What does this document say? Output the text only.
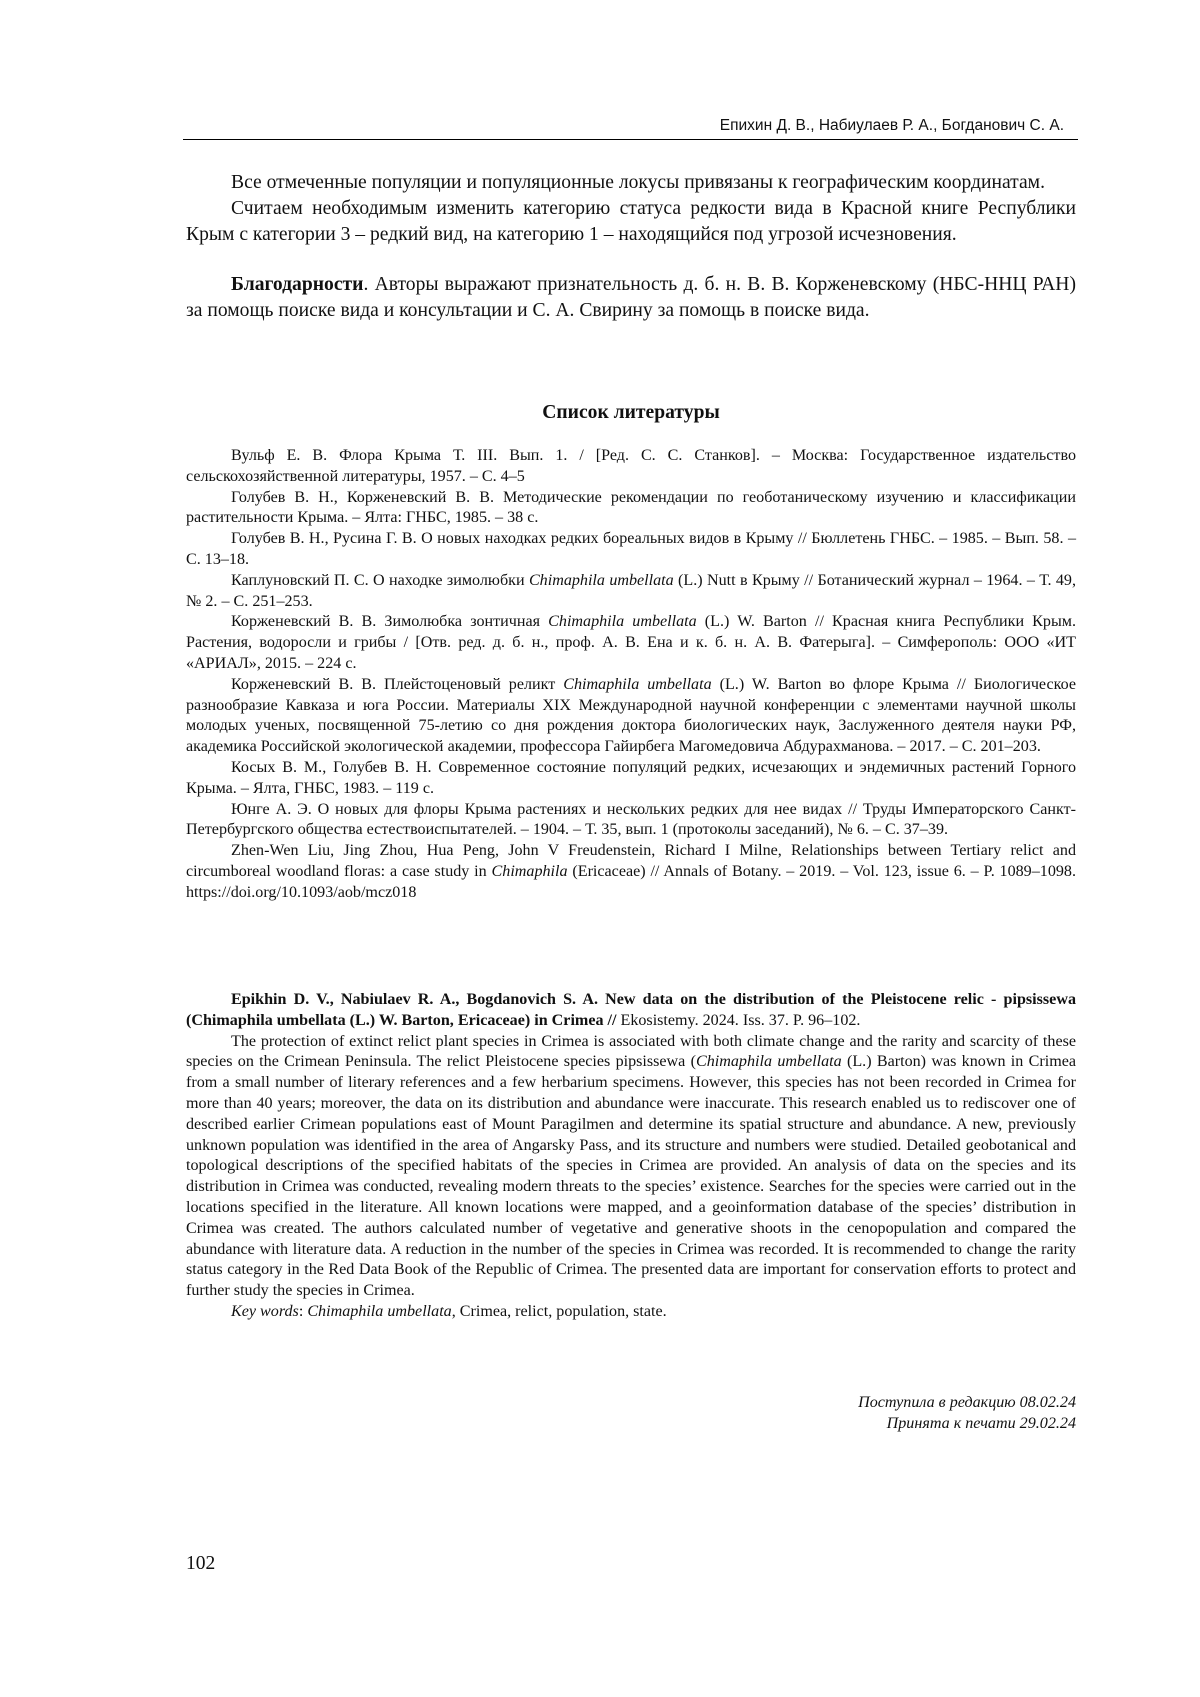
Епихин Д. В., Набиулаев Р. А., Богданович С. А.

Все отмеченные популяции и популяционные локусы привязаны к географическим координатам.

Считаем необходимым изменить категорию статуса редкости вида в Красной книге Республики Крым с категории 3 – редкий вид, на категорию 1 – находящийся под угрозой исчезновения.

Благодарности. Авторы выражают признательность д. б. н. В. В. Корженевскому (НБС-ННЦ РАН) за помощь поиске вида и консультации и С. А. Свирину за помощь в поиске вида.

Список литературы

Вульф Е. В. Флора Крыма Т. III. Вып. 1. / [Ред. С. С. Станков]. – Москва: Государственное издательство сельскохозяйственной литературы, 1957. – С. 4–5

Голубев В. Н., Корженевский В. В. Методические рекомендации по геоботаническому изучению и классификации растительности Крыма. – Ялта: ГНБС, 1985. – 38 с.

Голубев В. Н., Русина Г. В. О новых находках редких бореальных видов в Крыму // Бюллетень ГНБС. – 1985. – Вып. 58. – С. 13–18.

Каплуновский П. С. О находке зимолюбки Chimaphila umbellata (L.) Nutt в Крыму // Ботанический журнал – 1964. – Т. 49, № 2. – С. 251–253.

Корженевский В. В. Зимолюбка зонтичная Chimaphila umbellata (L.) W. Barton // Красная книга Республики Крым. Растения, водоросли и грибы / [Отв. ред. д. б. н., проф. А. В. Ена и к. б. н. А. В. Фатерыга]. – Симферополь: ООО «ИТ «АРИАЛ», 2015. – 224 с.

Корженевский В. В. Плейстоценовый реликт Chimaphila umbellata (L.) W. Barton во флоре Крыма // Биологическое разнообразие Кавказа и юга России. Материалы XIX Международной научной конференции с элементами научной школы молодых ученых, посвященной 75-летию со дня рождения доктора биологических наук, Заслуженного деятеля науки РФ, академика Российской экологической академии, профессора Гайирбега Магомедовича Абдурахманова. – 2017. – С. 201–203.

Косых В. М., Голубев В. Н. Современное состояние популяций редких, исчезающих и эндемичных растений Горного Крыма. – Ялта, ГНБС, 1983. – 119 с.

Юнге А. Э. О новых для флоры Крыма растениях и нескольких редких для нее видах // Труды Императорского Санкт-Петербургского общества естествоиспытателей. – 1904. – Т. 35, вып. 1 (протоколы заседаний), № 6. – С. 37–39.

Zhen-Wen Liu, Jing Zhou, Hua Peng, John V Freudenstein, Richard I Milne, Relationships between Tertiary relict and circumboreal woodland floras: a case study in Chimaphila (Ericaceae) // Annals of Botany. – 2019. – Vol. 123, issue 6. – P. 1089–1098. https://doi.org/10.1093/aob/mcz018

Epikhin D. V., Nabiulaev R. A., Bogdanovich S. A. New data on the distribution of the Pleistocene relic - pipsissewa (Chimaphila umbellata (L.) W. Barton, Ericaceae) in Crimea // Ekosistemy. 2024. Iss. 37. P. 96–102.

The protection of extinct relict plant species in Crimea is associated with both climate change and the rarity and scarcity of these species on the Crimean Peninsula. The relict Pleistocene species pipsissewa (Chimaphila umbellata (L.) Barton) was known in Crimea from a small number of literary references and a few herbarium specimens. However, this species has not been recorded in Crimea for more than 40 years; moreover, the data on its distribution and abundance were inaccurate. This research enabled us to rediscover one of described earlier Crimean populations east of Mount Paragilmen and determine its spatial structure and abundance. A new, previously unknown population was identified in the area of Angarsky Pass, and its structure and numbers were studied. Detailed geobotanical and topological descriptions of the specified habitats of the species in Crimea are provided. An analysis of data on the species and its distribution in Crimea was conducted, revealing modern threats to the species’ existence. Searches for the species were carried out in the locations specified in the literature. All known locations were mapped, and a geoinformation database of the species’ distribution in Crimea was created. The authors calculated number of vegetative and generative shoots in the cenopopulation and compared the abundance with literature data. A reduction in the number of the species in Crimea was recorded. It is recommended to change the rarity status category in the Red Data Book of the Republic of Crimea. The presented data are important for conservation efforts to protect and further study the species in Crimea.

Key words: Chimaphila umbellata, Crimea, relict, population, state.

Поступила в редакцию 08.02.24
Принята к печати 29.02.24
102
